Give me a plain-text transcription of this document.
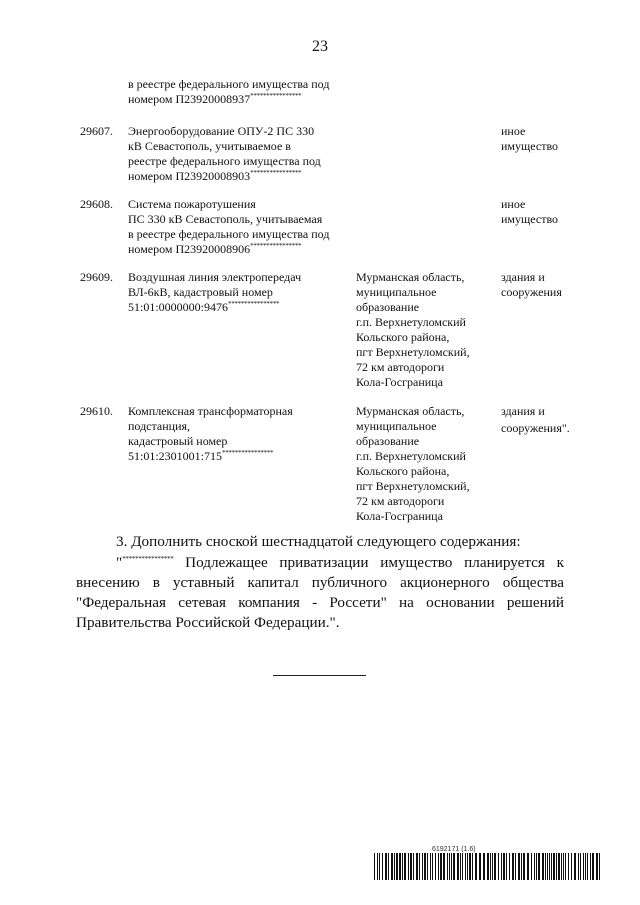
23
в реестре федерального имущества под
номером П23920008937****************
29607. Энергооборудование ОПУ-2 ПС 330
кВ Севастополь, учитываемое в
реестре федерального имущества под
номером П23920008903****************
иное
имущество
29608. Система пожаротушения
ПС 330 кВ Севастополь, учитываемая
в реестре федерального имущества под
номером П23920008906****************
иное
имущество
29609. Воздушная линия электропередач
ВЛ-6кВ, кадастровый номер
51:01:0000000:9476****************
Мурманская область,
муниципальное
образование
г.п. Верхнетуломский
Кольского района,
пгт Верхнетуломский,
72 км автодороги
Кола-Госграница
здания и
сооружения
29610. Комплексная трансформаторная
подстанция,
кадастровый номер
51:01:2301001:715****************
Мурманская область,
муниципальное
образование
г.п. Верхнетуломский
Кольского района,
пгт Верхнетуломский,
72 км автодороги
Кола-Госграница
здания и
сооружения".
3. Дополнить сноской шестнадцатой следующего содержания:
"**************** Подлежащее приватизации имущество планируется к внесению в уставный капитал публичного акционерного общества "Федеральная сетевая компания - Россети" на основании решений Правительства Российской Федерации.".
6192171 (1.6)
